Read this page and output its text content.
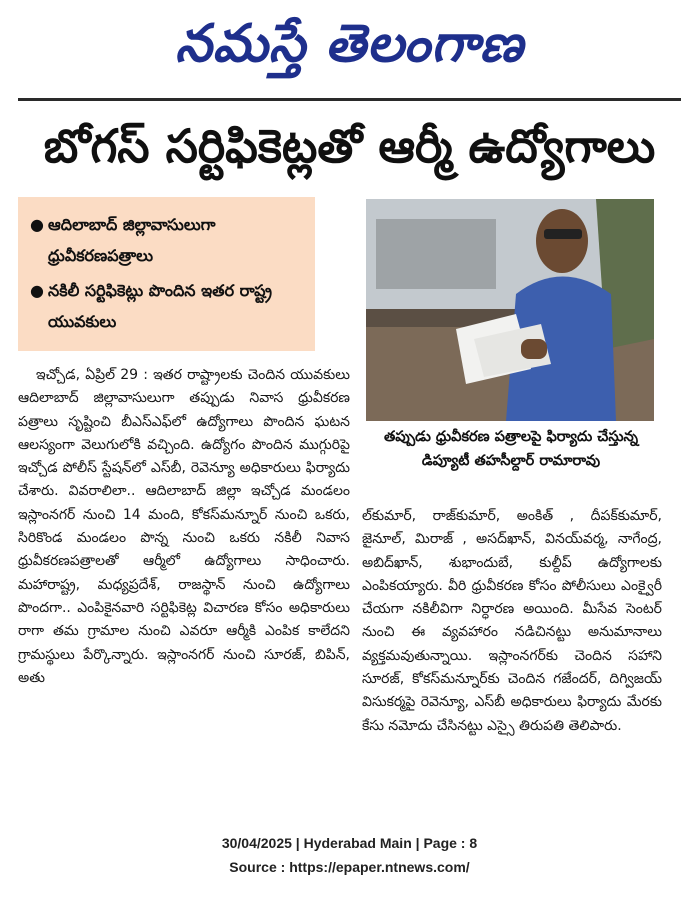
నమస్తే తెలంగాణ
బోగస్ సర్టిఫికెట్లతో ఆర్మీ ఉద్యోగాలు
● ఆదిలాబాద్ జిల్లావాసులుగా ధ్రువీకరణపత్రాలు
● నకిలీ సర్టిఫికెట్లు పొందిన ఇతర రాష్ట్ర యువకులు
తప్పుడు ధ్రువీకరణ పత్రాలపై ఫిర్యాదు చేస్తున్న డిప్యూటీ తహసీల్దార్ రామారావు

ఇచ్చోడ, ఏప్రిల్ 29 : ఇతర రాష్ట్రాలకు చెందిన యువకులు ఆదిలాబాద్ జిల్లావాసులుగా తప్పుడు నివాస ధ్రువీకరణ పత్రాలు సృష్టించి బీఎస్ఎఫ్‌లో ఉద్యోగాలు పొందిన ఘటన ఆలస్యంగా వెలుగులోకి వచ్చింది. ఉద్యోగం పొందిన ముగ్గురిపై ఇచ్చోడ పోలీస్ స్టేషన్‌లో ఎస్‌బీ, రెవెన్యూ అధికారులు ఫిర్యాదు చేశారు. వివరాలిలా.. ఆదిలాబాద్ జిల్లా ఇచ్చోడ మండలం ఇస్లాంనగర్ నుంచి 14 మంది, కోకస్‌మన్నూర్ నుంచి ఒకరు, సిరికొండ మండలం పొన్న నుంచి ఒకరు నకిలీ నివాస ధ్రువీకరణపత్రాలతో ఆర్మీలో ఉద్యోగాలు సాధించారు. మహారాష్ట్ర, మధ్యప్రదేశ్, రాజస్థాన్ నుంచి ఉద్యోగాలు పొందగా.. ఎంపికైనవారి సర్టిఫికెట్ల విచారణ కోసం అధికారులు రాగా తమ గ్రామాల నుంచి ఎవరూ ఆర్మీకి ఎంపిక కాలేదని గ్రామస్థులు పేర్కొన్నారు. ఇస్లాంనగర్ నుంచి సూరజ్, బిపిన్, అతు

ల్‌కుమార్, రాజ్‌కుమార్, అంకిత్ , దీపక్‌కుమార్, జైనూల్, మిరాజ్ , అసద్‌ఖాన్, వినయ్‌వర్మ, నాగేంద్ర, అబిద్‌ఖాన్, శుభాందుబే, కుల్దీప్ ఉద్యోగాలకు ఎంపికయ్యారు. వీరి ధ్రువీకరణ కోసం పోలీసులు ఎంక్వైరీ చేయగా నకిలీవిగా నిర్ధారణ అయింది. మీసేవ సెంటర్ నుంచి ఈ వ్యవహారం నడిచినట్టు అనుమానాలు వ్యక్తమవుతున్నాయి. ఇస్లాంనగర్‌కు చెందిన సహాని సూరజ్, కోకస్‌మన్నూర్‌కు చెందిన గజేందర్, దిగ్విజయ్ విసుకర్మపై రెవెన్యూ, ఎస్‌బీ అధికారులు ఫిర్యాదు మేరకు కేసు నమోదు చేసినట్టు ఎస్సై తిరుపతి తెలిపారు.

30/04/2025 | Hyderabad Main | Page : 8
Source : https://epaper.ntnews.com/
